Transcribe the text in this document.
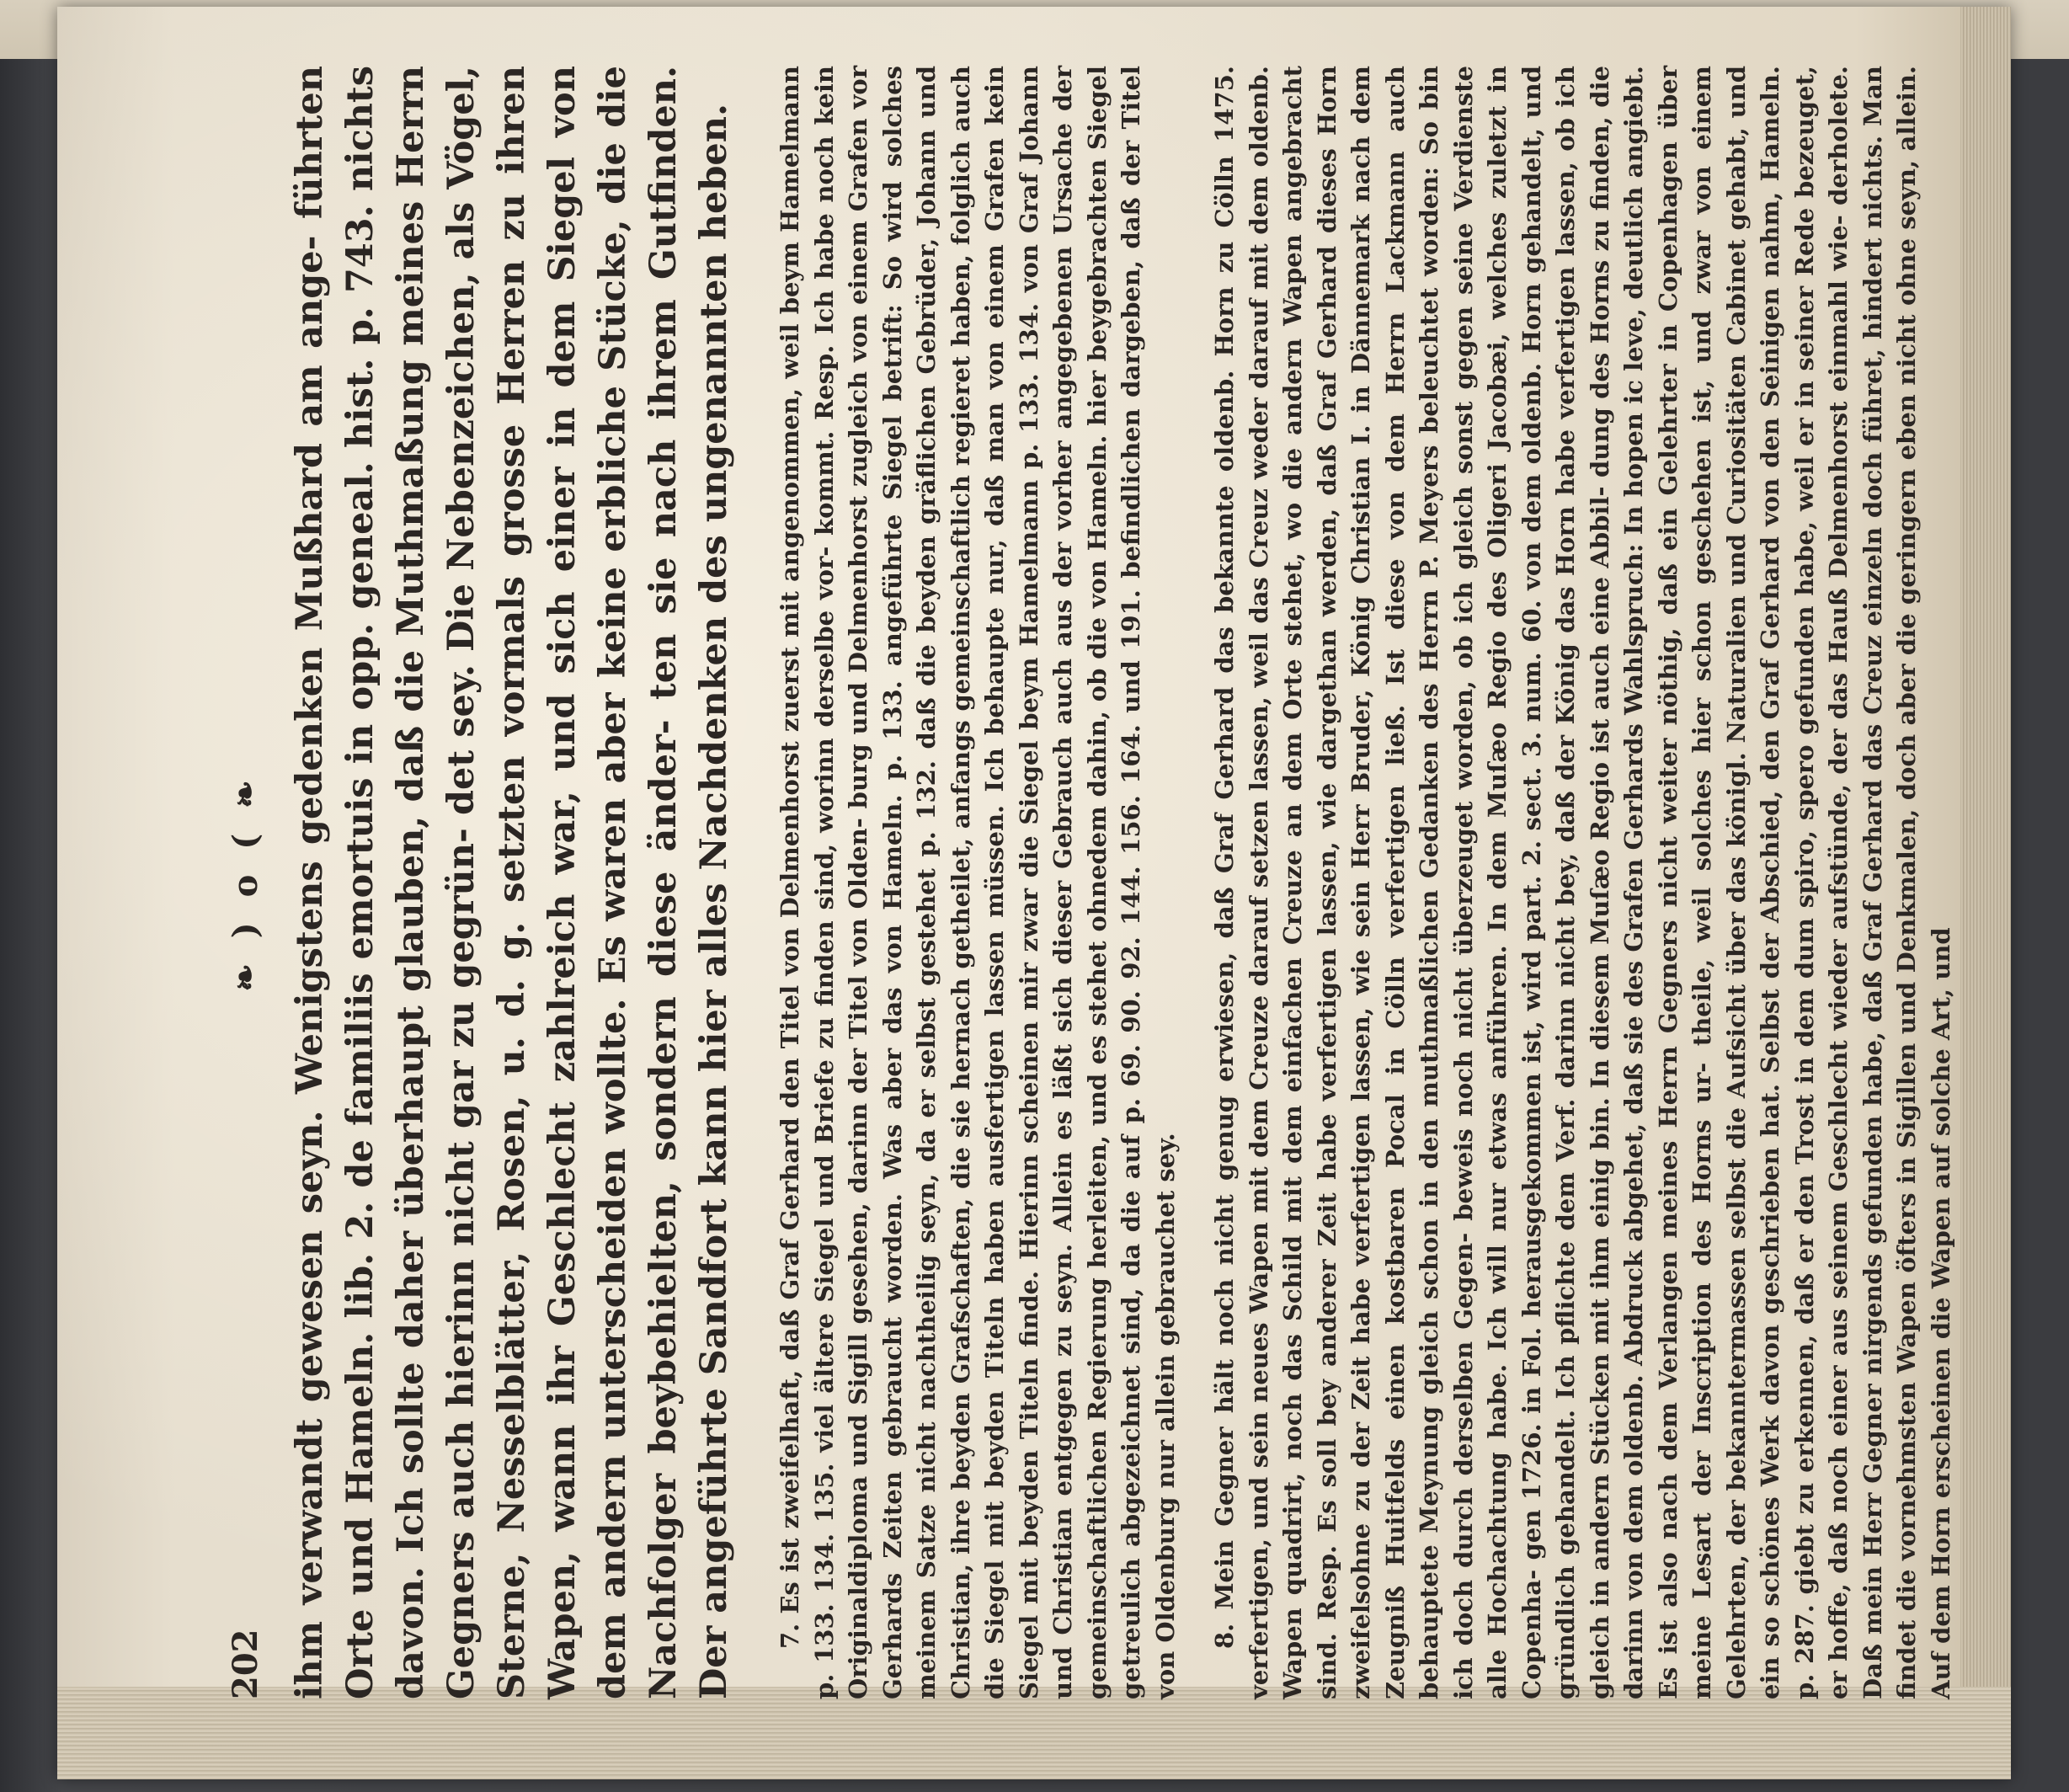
202
❧ ) o ( ❧ ihm verwandt gewesen seyn. Wenigstens gedenken Mußhard am ange‑ führten Orte und Hameln. lib. 2. de familiis emortuis in opp. geneal. hist. p. 743. nichts davon. Ich sollte daher überhaupt glauben, daß die Muthmaßung meines Herrn Gegners auch hierinn nicht gar zu gegrün‑ det sey. Die Nebenzeichen, als Vögel, Sterne, Nesselblätter, Rosen, u. d. g. setzten vormals grosse Herren zu ihren Wapen, wann ihr Geschlecht zahlreich war, und sich einer in dem Siegel von dem andern unterscheiden wollte. Es waren aber keine erbliche Stücke, die die Nachfolger beybehielten, sondern diese änder‑ ten sie nach ihrem Gutfinden. Der angeführte Sandfort kann hier alles Nachdenken des ungenannten heben. 7. Es ist zweifelhaft, daß Graf Gerhard den Titel von Delmenhorst zuerst mit angenommen, weil beym Hamelmann p. 133. 134. 135. viel ältere Siegel und Briefe zu finden sind, worinn derselbe vor‑ kommt. Resp. Ich habe noch kein Originaldiploma und Sigill gesehen, darinn der Titel von Olden‑ burg und Delmenhorst zugleich von einem Grafen vor Gerhards Zeiten gebraucht worden. Was aber das von Hameln. p. 133. angeführte Siegel betrift: So wird solches meinem Satze nicht nachtheilig seyn, da er selbst gestehet p. 132. daß die beyden gräflichen Gebrüder, Johann und Christian, ihre beyden Grafschaften, die sie hernach getheilet, anfangs gemeinschaftlich regieret haben, folglich auch die Siegel mit beyden Titeln haben ausfertigen lassen müssen. Ich behaupte nur, daß man von einem Grafen kein Siegel mit beyden Titeln finde. Hierinn scheinen mir zwar die Siegel beym Hamelmann p. 133. 134. von Graf Johann und Christian entgegen zu seyn. Allein es läßt sich dieser Gebrauch auch aus der vorher angegebenen Ursache der gemeinschaftlichen Regierung herleiten, und es stehet ohnedem dahin, ob die von Hameln. hier beygebrachten Siegel getreulich abgezeichnet sind, da die auf p. 69. 90. 92. 144. 156. 164. und 191. befindlichen dargeben, daß der Titel von Oldenburg nur allein gebrauchet sey. 8. Mein Gegner hält noch nicht genug erwiesen, daß Graf Gerhard das bekannte oldenb. Horn zu Cölln 1475. verfertigen, und sein neues Wapen mit dem Creuze darauf setzen lassen, weil das Creuz weder darauf mit dem oldenb. Wapen quadrirt, noch das Schild mit dem einfachen Creuze an dem Orte stehet, wo die andern Wapen angebracht sind. Resp. Es soll bey anderer Zeit habe verfertigen lassen, wie dargethan werden, daß Graf Gerhard dieses Horn zweifelsohne zu der Zeit habe verfertigen lassen, wie sein Herr Bruder, König Christian I. in Dännemark nach dem Zeugniß Huitfelds einen kostbaren Pocal in Cölln verfertigen ließ. Ist diese von dem Herrn Lackmann auch behauptete Meynung gleich schon in den muthmaßlichen Gedanken des Herrn P. Meyers beleuchtet worden: So bin ich doch durch derselben Gegen‑ beweis noch nicht überzeuget worden, ob ich gleich sonst gegen seine Verdienste alle Hochachtung habe. Ich will nur etwas anführen. In dem Muſæo Regio des Oligeri Jacobæi, welches zuletzt in Copenha‑ gen 1726. in Fol. herausgekommen ist, wird part. 2. sect. 3. num. 60. von dem oldenb. Horn gehandelt, und gründlich gehandelt. Ich pflichte dem Verf. darinn nicht bey, daß der König das Horn habe verfertigen lassen, ob ich gleich in andern Stücken mit ihm einig bin. In diesem Muſæo Regio ist auch eine Abbil‑ dung des Horns zu finden, die darinn von dem oldenb. Abdruck abgehet, daß sie des Grafen Gerhards Wahlspruch: In hopen ic leve, deutlich angiebt. Es ist also nach dem Verlangen meines Herrn Gegners nicht weiter nöthig, daß ein Gelehrter in Copenhagen über meine Lesart der Inscription des Horns ur‑ theile, weil solches hier schon geschehen ist, und zwar von einem Gelehrten, der bekanntermassen selbst die Aufsicht über das königl. Naturalien und Curiositäten Cabinet gehabt, und ein so schönes Werk davon geschrieben hat. Selbst der Abschied, den Graf Gerhard von den Seinigen nahm, Hameln. p. 287. giebt zu erkennen, daß er den Trost in dem dum spiro, spero gefunden habe, weil er in seiner Rede bezeuget, er hoffe, daß noch einer aus seinem Geschlecht wieder aufstünde, der das Hauß Delmenhorst einmahl wie‑ derholete. Daß mein Herr Gegner nirgends gefunden habe, daß Graf Gerhard das Creuz einzeln doch führet, hindert nichts. Man findet die vornehmsten Wapen öfters in Sigillen und Denkmalen, doch aber die geringern eben nicht ohne seyn, allein. Auf dem Horn erscheinen die Wapen auf solche Art, und
